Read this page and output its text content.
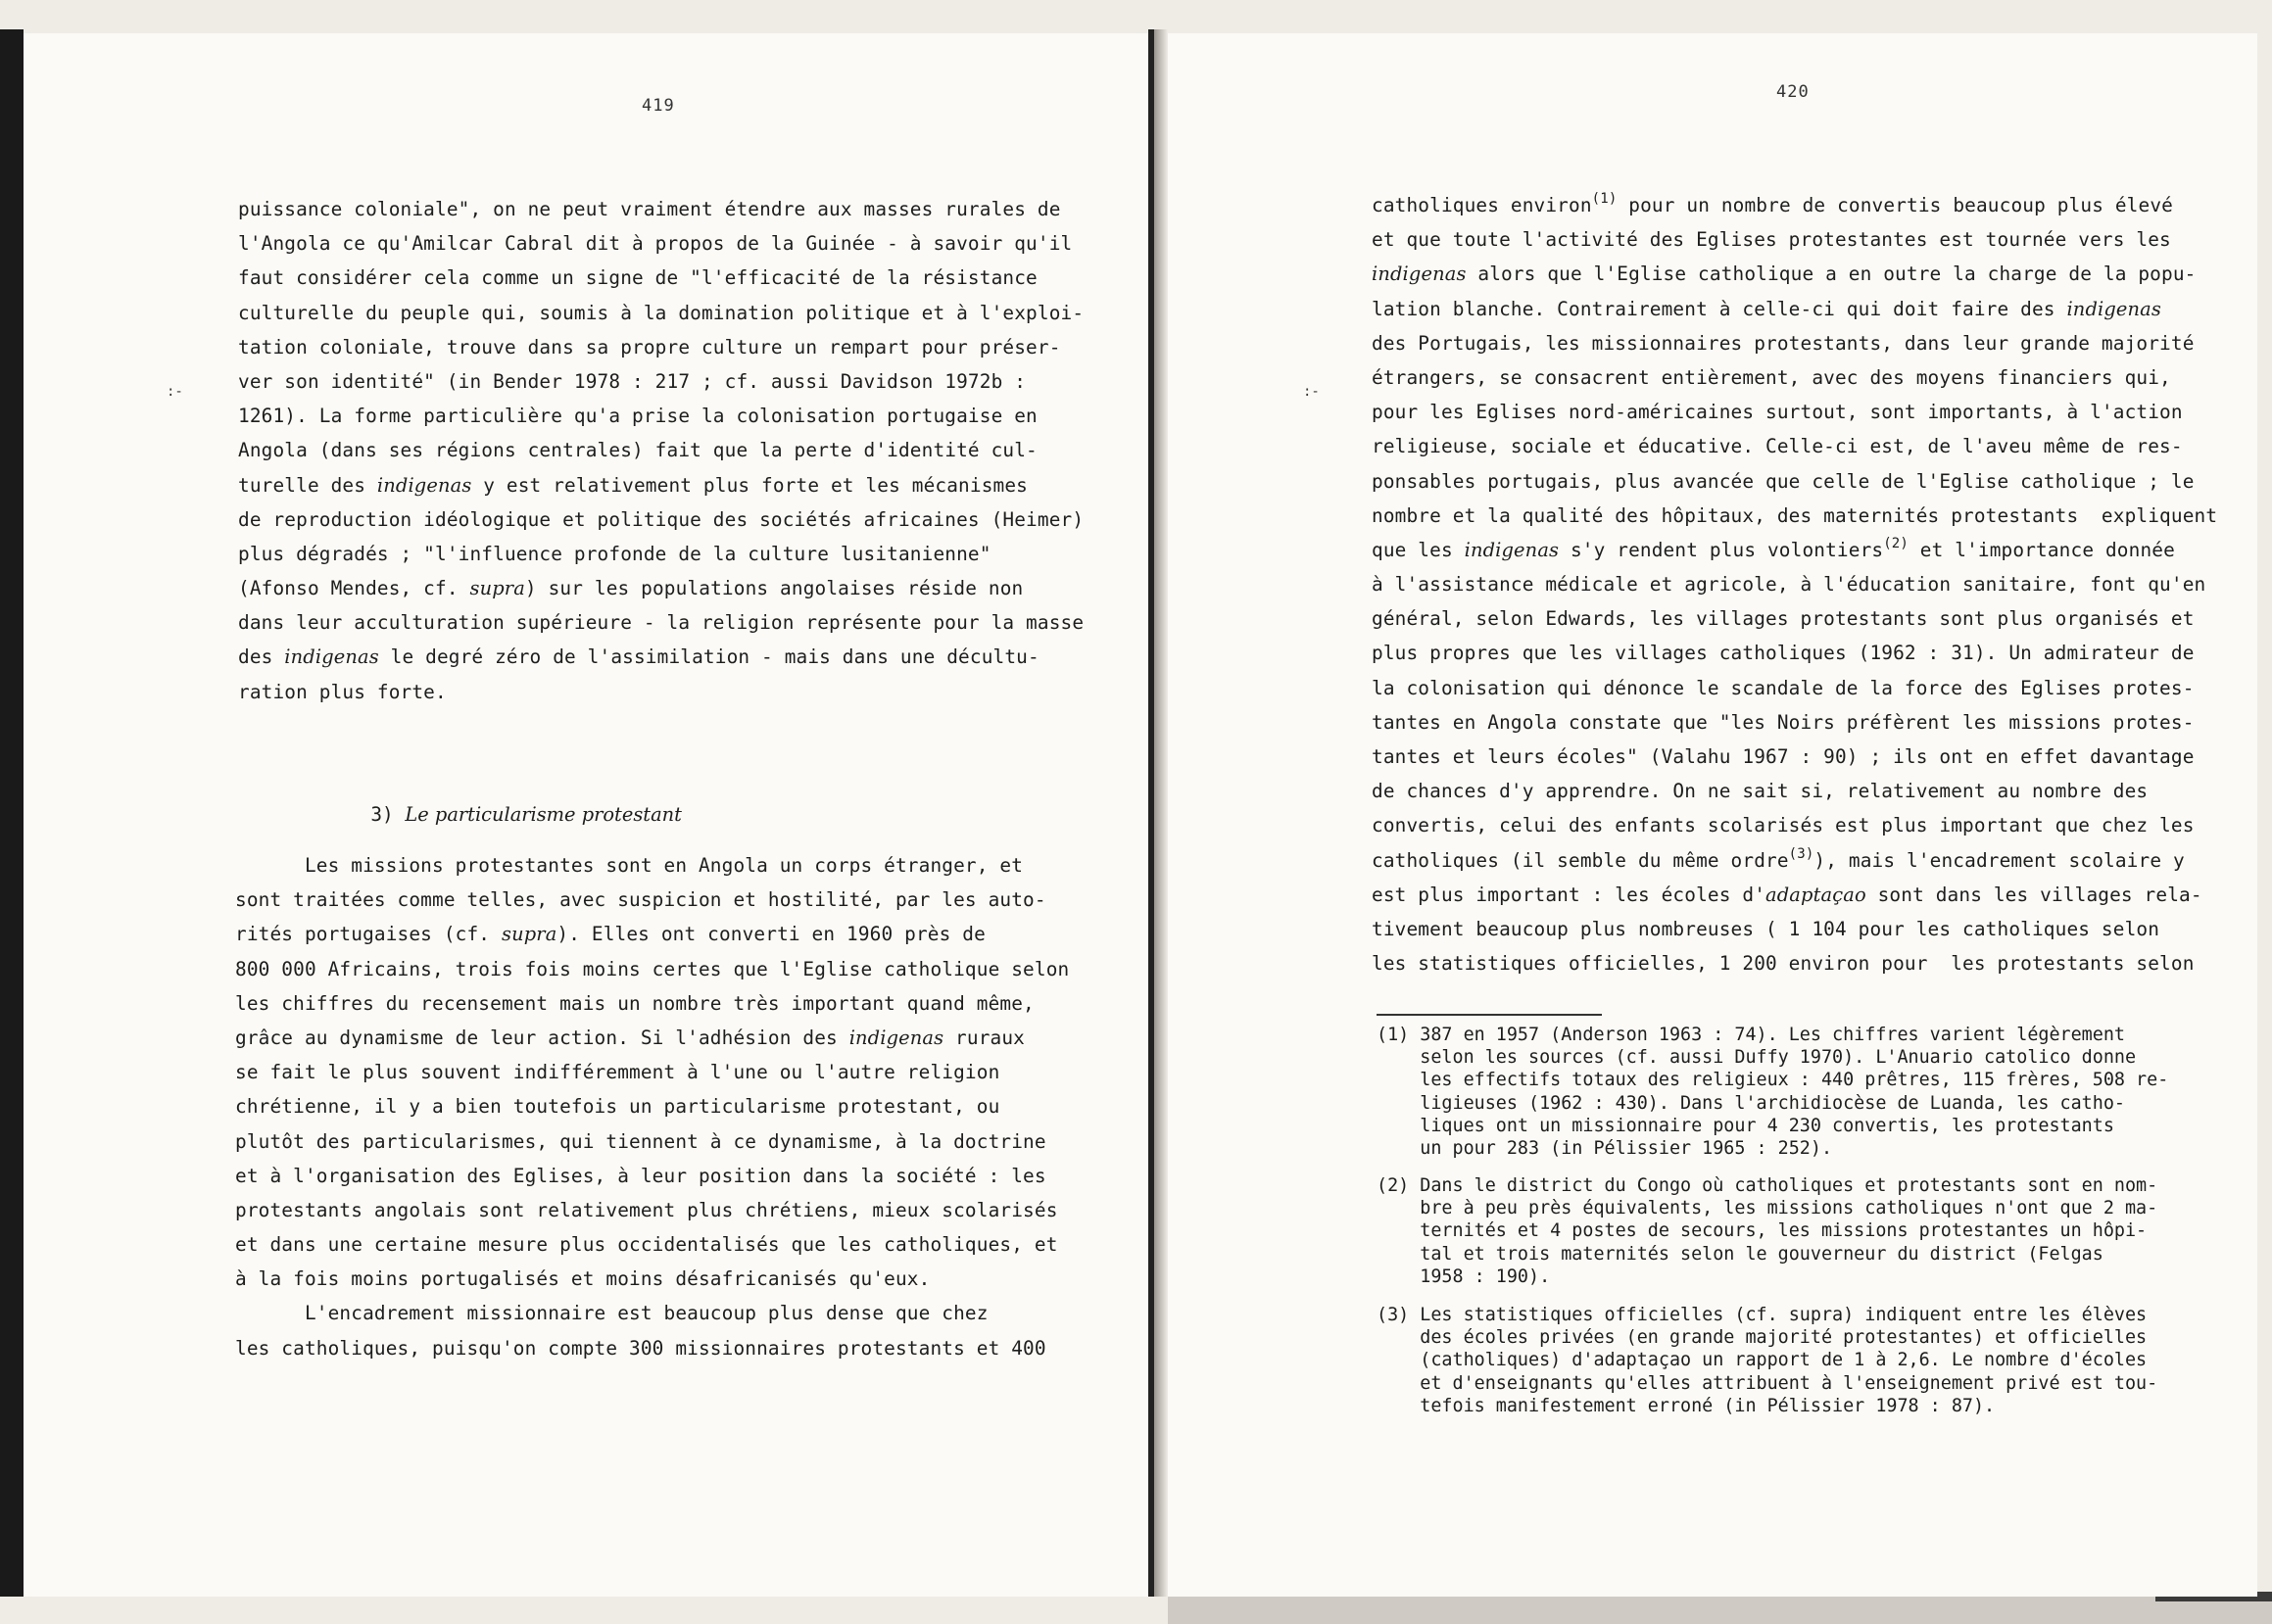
419
420
puissance coloniale", on ne peut vraiment étendre aux masses rurales de
l'Angola ce qu'Amilcar Cabral dit à propos de la Guinée - à savoir qu'il
faut considérer cela comme un signe de "l'efficacité de la résistance
culturelle du peuple qui, soumis à la domination politique et à l'exploi-
tation coloniale, trouve dans sa propre culture un rempart pour préser-
ver son identité" (in Bender 1978 : 217 ; cf. aussi Davidson 1972b :
1261). La forme particulière qu'a prise la colonisation portugaise en
Angola (dans ses régions centrales) fait que la perte d'identité cul-
turelle des indigenas y est relativement plus forte et les mécanismes
de reproduction idéologique et politique des sociétés africaines (Heimer)
plus dégradés ; "l'influence profonde de la culture lusitanienne"
(Afonso Mendes, cf. supra) sur les populations angolaises réside non
dans leur acculturation supérieure - la religion représente pour la masse
des indigenas le degré zéro de l'assimilation - mais dans une décultu-
ration plus forte.

3) Le particularisme protestant

Les missions protestantes sont en Angola un corps étranger, et
sont traitées comme telles, avec suspicion et hostilité, par les auto-
rités portugaises (cf. supra). Elles ont converti en 1960 près de
800 000 Africains, trois fois moins certes que l'Eglise catholique selon
les chiffres du recensement mais un nombre très important quand même,
grâce au dynamisme de leur action. Si l'adhésion des indigenas ruraux
se fait le plus souvent indifféremment à l'une ou l'autre religion
chrétienne, il y a bien toutefois un particularisme protestant, ou
plutôt des particularismes, qui tiennent à ce dynamisme, à la doctrine
et à l'organisation des Eglises, à leur position dans la société : les
protestants angolais sont relativement plus chrétiens, mieux scolarisés
et dans une certaine mesure plus occidentalisés que les catholiques, et
à la fois moins portugalisés et moins désafricanisés qu'eux.
L'encadrement missionnaire est beaucoup plus dense que chez
les catholiques, puisqu'on compte 300 missionnaires protestants et 400
catholiques environ$^{(1)}$ pour un nombre de convertis beaucoup plus élevé
et que toute l'activité des Eglises protestantes est tournée vers les
indigenas alors que l'Eglise catholique a en outre la charge de la popu-
lation blanche. Contrairement à celle-ci qui doit faire des indigenas
des Portugais, les missionnaires protestants, dans leur grande majorité
étrangers, se consacrent entièrement, avec des moyens financiers qui,
pour les Eglises nord-américaines surtout, sont importants, à l'action
religieuse, sociale et éducative. Celle-ci est, de l'aveu même de res-
ponsables portugais, plus avancée que celle de l'Eglise catholique ; le
nombre et la qualité des hôpitaux, des maternités protestants  expliquent
que les indigenas s'y rendent plus volontiers$^{(2)}$ et l'importance donnée
à l'assistance médicale et agricole, à l'éducation sanitaire, font qu'en
général, selon Edwards, les villages protestants sont plus organisés et
plus propres que les villages catholiques (1962 : 31). Un admirateur de
la colonisation qui dénonce le scandale de la force des Eglises protes-
tantes en Angola constate que "les Noirs préfèrent les missions protes-
tantes et leurs écoles" (Valahu 1967 : 90) ; ils ont en effet davantage
de chances d'y apprendre. On ne sait si, relativement au nombre des
convertis, celui des enfants scolarisés est plus important que chez les
catholiques (il semble du même ordre$^{(3)}$), mais l'encadrement scolaire y
est plus important : les écoles d'adaptaçao sont dans les villages rela-
tivement beaucoup plus nombreuses ( 1 104 pour les catholiques selon
les statistiques officielles, 1 200 environ pour  les protestants selon
(1) 387 en 1957 (Anderson 1963 : 74). Les chiffres varient légèrement
selon les sources (cf. aussi Duffy 1970). L'Anuario catolico donne
les effectifs totaux des religieux : 440 prêtres, 115 frères, 508 re-
ligieuses (1962 : 430). Dans l'archidiocèse de Luanda, les catho-
liques ont un missionnaire pour 4 230 convertis, les protestants
un pour 283 (in Pélissier 1965 : 252).
(2) Dans le district du Congo où catholiques et protestants sont en nom-
bre à peu près équivalents, les missions catholiques n'ont que 2 ma-
ternités et 4 postes de secours, les missions protestantes un hôpi-
tal et trois maternités selon le gouverneur du district (Felgas
1958 : 190).
(3) Les statistiques officielles (cf. supra) indiquent entre les élèves
des écoles privées (en grande majorité protestantes) et officielles
(catholiques) d'adaptaçao un rapport de 1 à 2,6. Le nombre d'écoles
et d'enseignants qu'elles attribuent à l'enseignement privé est tou-
tefois manifestement erroné (in Pélissier 1978 : 87).
:-	:-
